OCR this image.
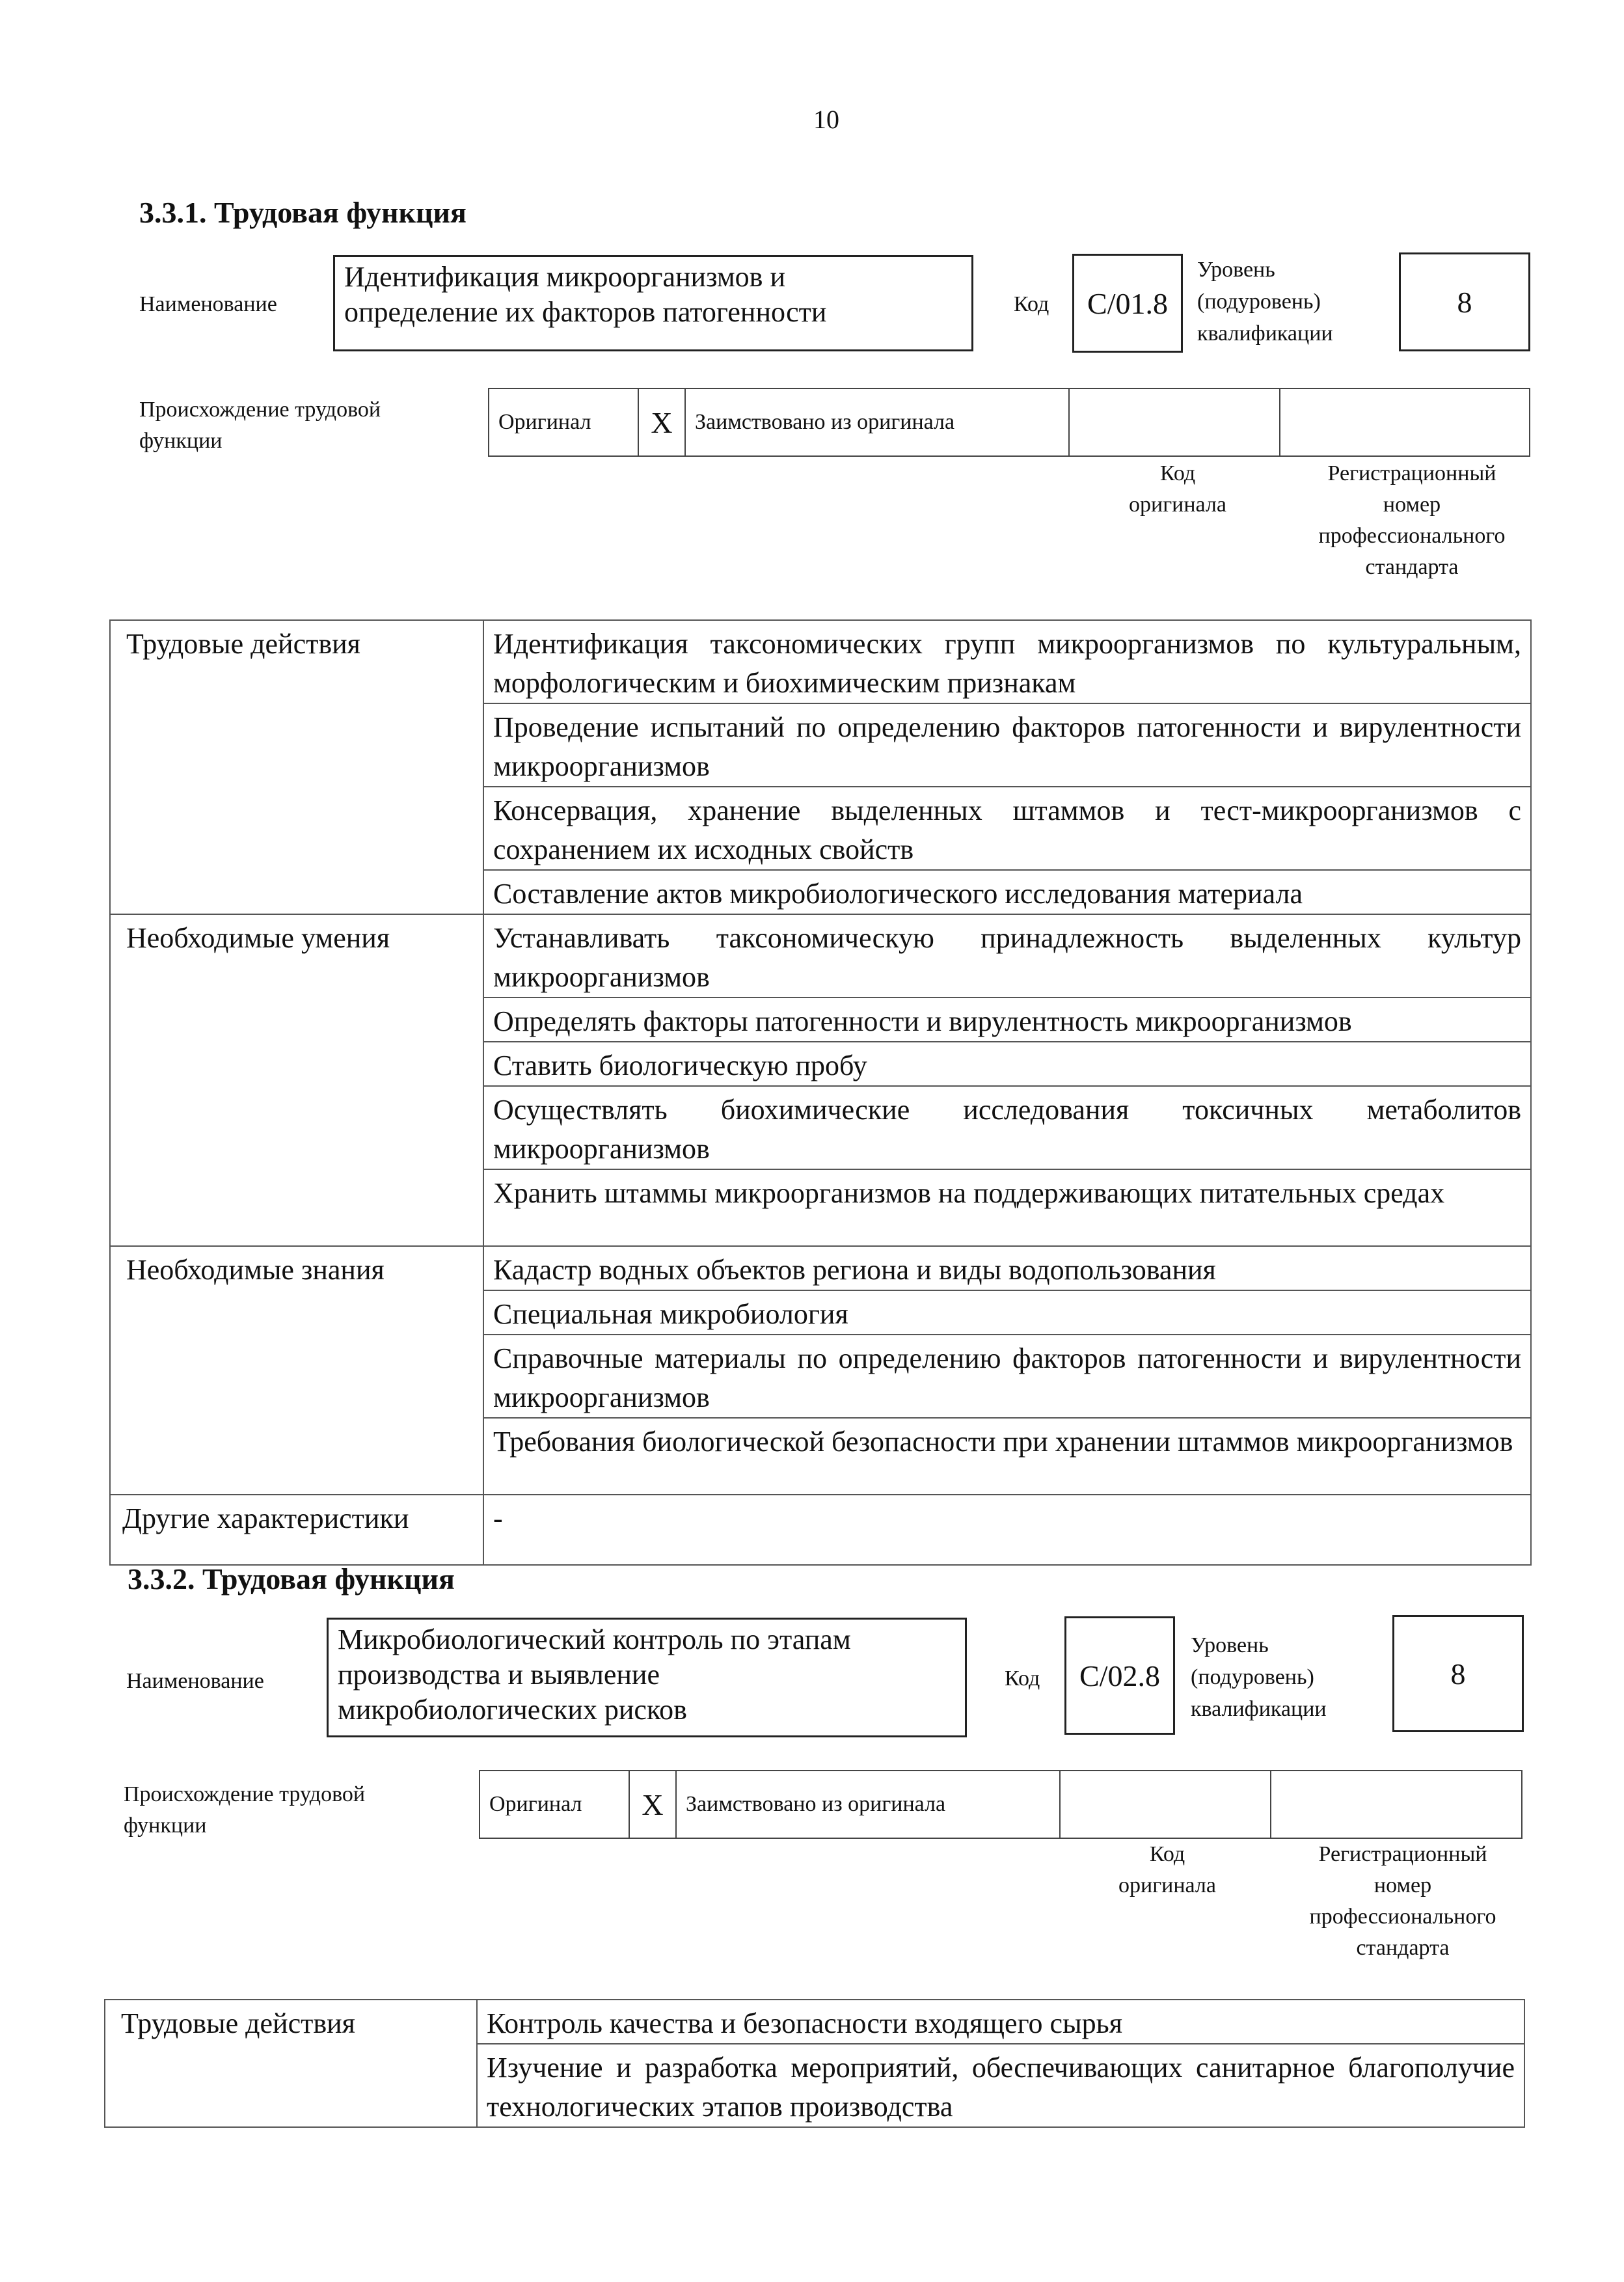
10
3.3.1. Трудовая функция
Наименование
Идентификация микроорганизмов и
определение их факторов патогенности	Код C/01.8
Уровень
(подуровень)
квалификации
8
Происхождение трудовой
функции
Оригинал	X	Заимствовано из оригинала		
Код
оригинала
Регистрационный
номер
профессионального
стандарта
Трудовые действия	Идентификация таксономических групп микроорганизмов по культуральным, морфологическим и биохимическим признакам
	Проведение испытаний по определению факторов патогенности и вирулентности микроорганизмов
	Консервация, хранение выделенных штаммов и тест-микроорганизмов с сохранением их исходных свойств
	Составление актов микробиологического исследования материала
Необходимые умения	Устанавливать таксономическую принадлежность выделенных культур микроорганизмов
	Определять факторы патогенности и вирулентность микроорганизмов
	Ставить биологическую пробу
	Осуществлять биохимические исследования токсичных метаболитов микроорганизмов
	Хранить штаммы микроорганизмов на поддерживающих питательных средах
Необходимые знания	Кадастр водных объектов региона и виды водопользования
	Специальная микробиология
	Справочные материалы по определению факторов патогенности и вирулентности микроорганизмов
	Требования биологической безопасности при хранении штаммов микроорганизмов
Другие характеристики	-
3.3.2. Трудовая функция
Наименование
Микробиологический контроль по этапам
производства и выявление
микробиологических рисков
Код C/02.8
Уровень
(подуровень)
квалификации
8
Происхождение трудовой
функции
Оригинал	X	Заимствовано из оригинала		
Код
оригинала
Регистрационный
номер
профессионального
стандарта
Трудовые действия	Контроль качества и безопасности входящего сырья
Изучение и разработка мероприятий, обеспечивающих санитарное благополучие технологических этапов производства
